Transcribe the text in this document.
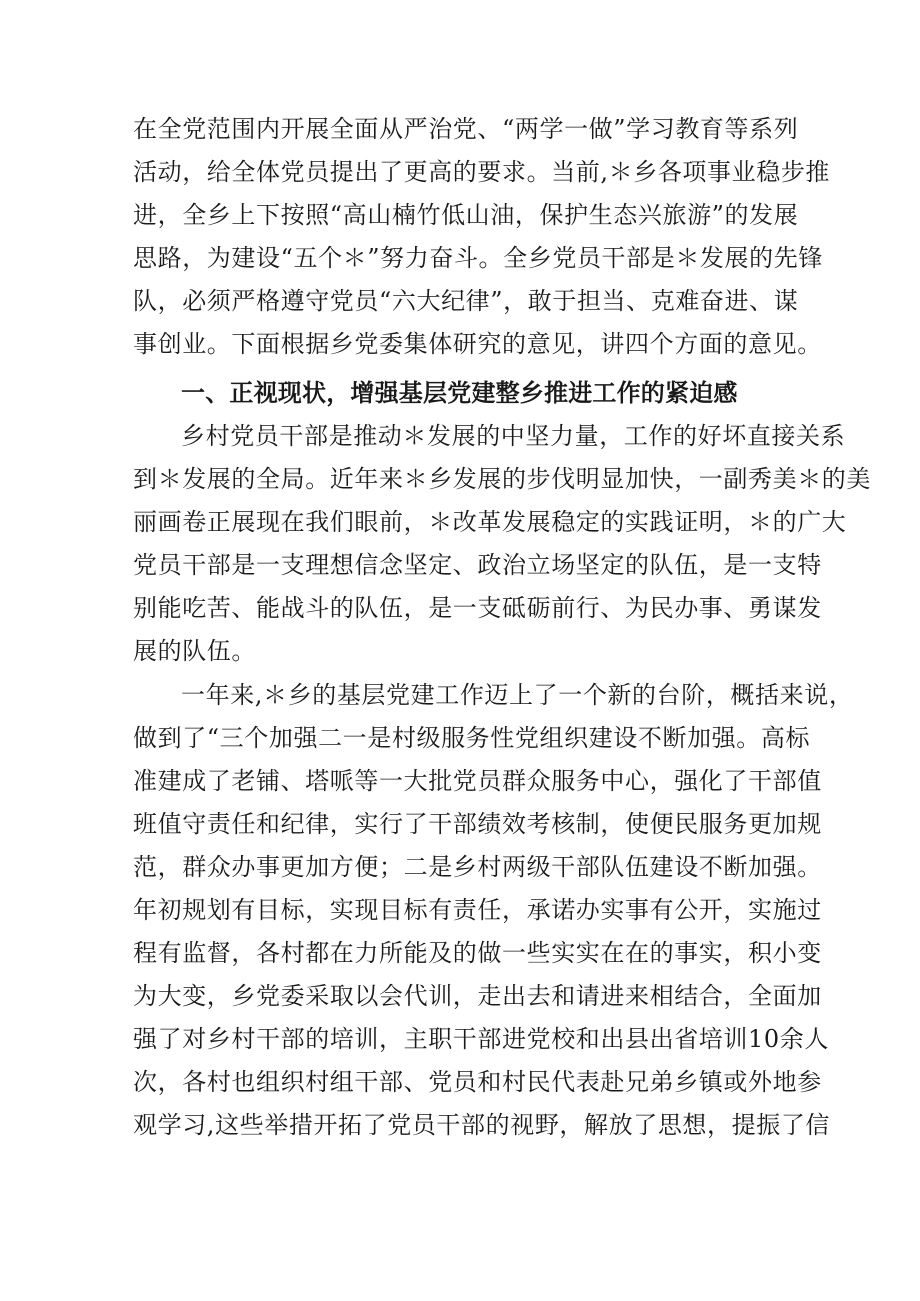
在全党范围内开展全面从严治党、“两学一做”学习教育等系列
活动，给全体党员提出了更高的要求。当前,＊乡各项事业稳步推
进，全乡上下按照“高山楠竹低山油，保护生态兴旅游”的发展
思路，为建设“五个＊”努力奋斗。全乡党员干部是＊发展的先锋
队，必须严格遵守党员“六大纪律”，敢于担当、克难奋进、谋
事创业。下面根据乡党委集体研究的意见，讲四个方面的意见。
一、正视现状，增强基层党建整乡推进工作的紧迫感
乡村党员干部是推动＊发展的中坚力量，工作的好坏直接关系
到＊发展的全局。近年来＊乡发展的步伐明显加快，一副秀美＊的美
丽画卷正展现在我们眼前，＊改革发展稳定的实践证明，＊的广大
党员干部是一支理想信念坚定、政治立场坚定的队伍，是一支特
别能吃苦、能战斗的队伍，是一支砥砺前行、为民办事、勇谋发
展的队伍。
一年来,＊乡的基层党建工作迈上了一个新的台阶，概括来说，
做到了“三个加强二一是村级服务性党组织建设不断加强。高标
准建成了老铺、塔哌等一大批党员群众服务中心，强化了干部值
班值守责任和纪律，实行了干部绩效考核制，使便民服务更加规
范，群众办事更加方便；二是乡村两级干部队伍建设不断加强。
年初规划有目标，实现目标有责任，承诺办实事有公开，实施过
程有监督，各村都在力所能及的做一些实实在在的事实，积小变
为大变，乡党委采取以会代训，走出去和请进来相结合，全面加
强了对乡村干部的培训，主职干部进党校和出县出省培训10余人
次，各村也组织村组干部、党员和村民代表赴兄弟乡镇或外地参
观学习,这些举措开拓了党员干部的视野，解放了思想，提振了信
